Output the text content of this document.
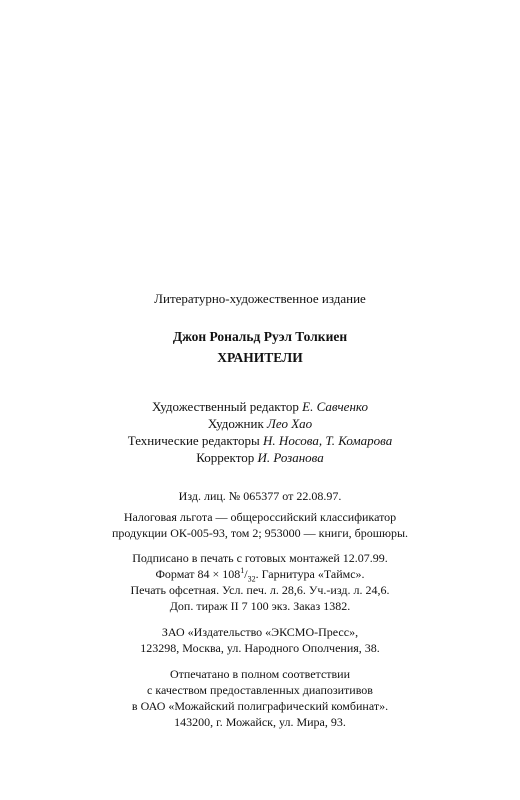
Литературно-художественное издание
Джон Рональд Руэл Толкиен
ХРАНИТЕЛИ
Художественный редактор Е. Савченко
Художник Лео Хао
Технические редакторы Н. Носова, Т. Комарова
Корректор И. Розанова
Изд. лиц. № 065377 от 22.08.97.
Налоговая льгота — общероссийский классификатор
продукции ОК-005-93, том 2; 953000 — книги, брошюры.
Подписано в печать с готовых монтажей 12.07.99.
Формат $84 \times 108^1/_{32}$. Гарнитура «Таймс».
Печать офсетная. Усл. печ. л. 28,6. Уч.-изд. л. 24,6.
Доп. тираж II 7 100 экз. Заказ 1382.
ЗАО «Издательство «ЭКСМО-Пресс»,
123298, Москва, ул. Народного Ополчения, 38.
Отпечатано в полном соответствии
с качеством предоставленных диапозитивов
в ОАО «Можайский полиграфический комбинат».
143200, г. Можайск, ул. Мира, 93.
